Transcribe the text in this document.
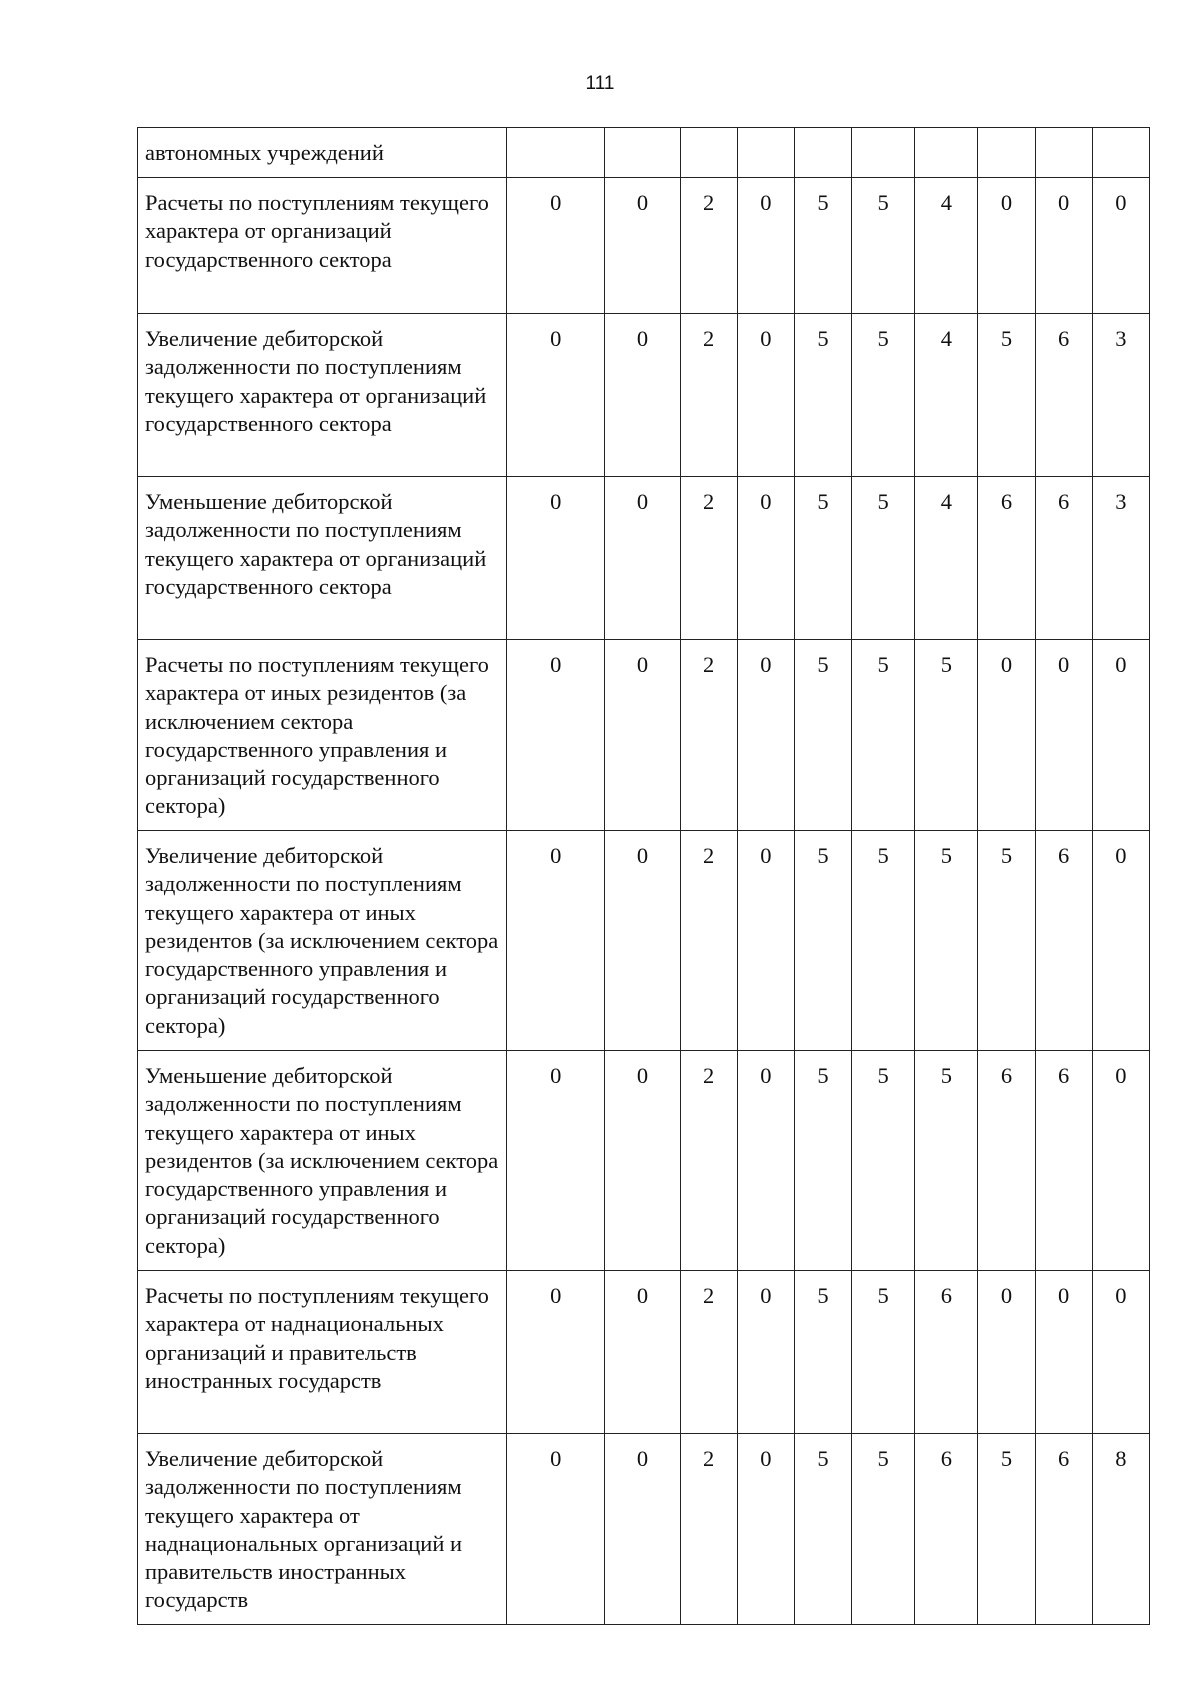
111
автономных учреждений										
Расчеты по поступлениям текущего характера от организаций государственного сектора	0	0	2	0	5	5	4	0	0	0
Увеличение дебиторской задолженности по поступлениям текущего характера от организаций государственного сектора	0	0	2	0	5	5	4	5	6	3
Уменьшение дебиторской задолженности по поступлениям текущего характера от организаций государственного сектора	0	0	2	0	5	5	4	6	6	3
Расчеты по поступлениям текущего характера от иных резидентов (за исключением сектора государственного управления и организаций государственного сектора)	0	0	2	0	5	5	5	0	0	0
Увеличение дебиторской задолженности по поступлениям текущего характера от иных резидентов (за исключением сектора государственного управления и организаций государственного сектора)	0	0	2	0	5	5	5	5	6	0
Уменьшение дебиторской задолженности по поступлениям текущего характера от иных резидентов (за исключением сектора государственного управления и организаций государственного сектора)	0	0	2	0	5	5	5	6	6	0
Расчеты по поступлениям текущего характера от наднациональных организаций и правительств иностранных государств	0	0	2	0	5	5	6	0	0	0
Увеличение дебиторской задолженности по поступлениям текущего характера от наднациональных организаций и правительств иностранных государств	0	0	2	0	5	5	6	5	6	8
